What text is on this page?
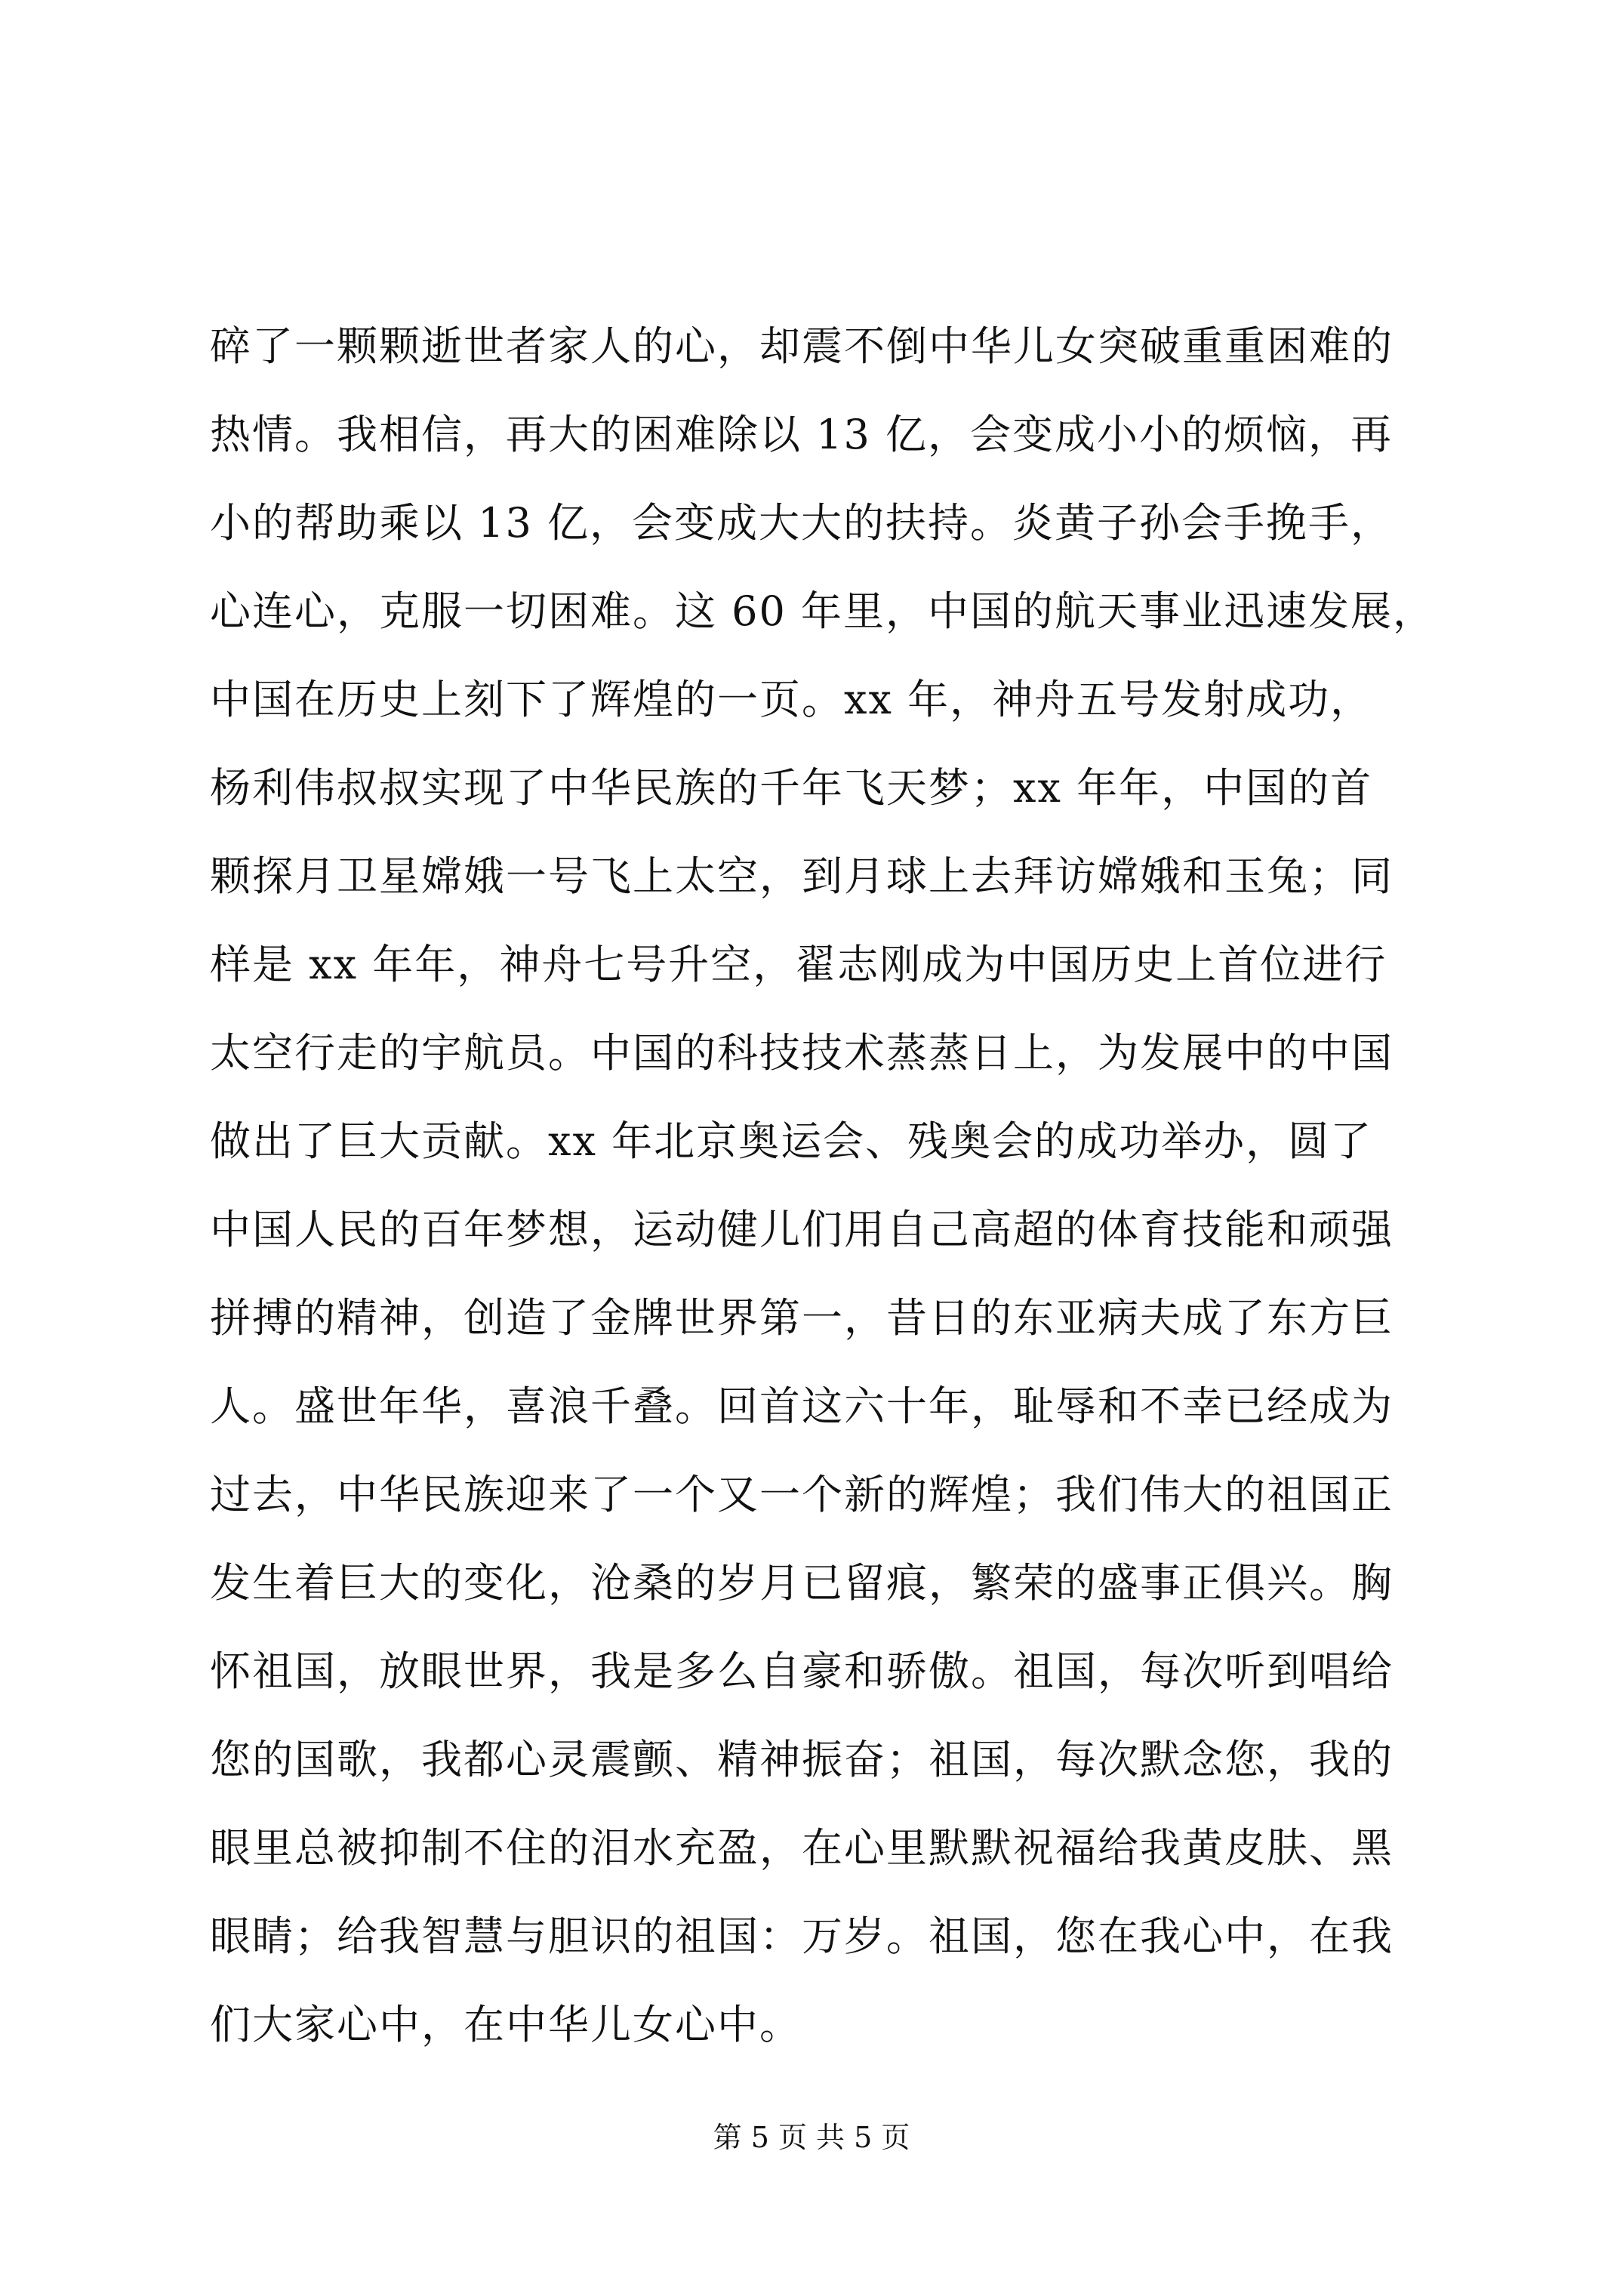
碎了一颗颗逝世者家人的心，却震不倒中华儿女突破重重困难的
热情。我相信，再大的困难除以 13 亿，会变成小小的烦恼，再
小的帮助乘以 13 亿，会变成大大的扶持。炎黄子孙会手挽手，
心连心，克服一切困难。这 60 年里，中国的航天事业迅速发展，
中国在历史上刻下了辉煌的一页。xx 年，神舟五号发射成功，
杨利伟叔叔实现了中华民族的千年飞天梦；xx 年年，中国的首
颗探月卫星嫦娥一号飞上太空，到月球上去拜访嫦娥和玉兔；同
样是 xx 年年，神舟七号升空，翟志刚成为中国历史上首位进行
太空行走的宇航员。中国的科技技术蒸蒸日上，为发展中的中国
做出了巨大贡献。xx 年北京奥运会、残奥会的成功举办，圆了
中国人民的百年梦想，运动健儿们用自己高超的体育技能和顽强
拼搏的精神，创造了金牌世界第一，昔日的东亚病夫成了东方巨
人。盛世年华，喜浪千叠。回首这六十年，耻辱和不幸已经成为
过去，中华民族迎来了一个又一个新的辉煌；我们伟大的祖国正
发生着巨大的变化，沧桑的岁月已留痕，繁荣的盛事正俱兴。胸
怀祖国，放眼世界，我是多么自豪和骄傲。祖国，每次听到唱给
您的国歌，我都心灵震颤、精神振奋；祖国，每次默念您，我的
眼里总被抑制不住的泪水充盈，在心里默默祝福给我黄皮肤、黑
眼睛；给我智慧与胆识的祖国：万岁。祖国，您在我心中，在我
们大家心中，在中华儿女心中。
第 5 页 共 5 页
